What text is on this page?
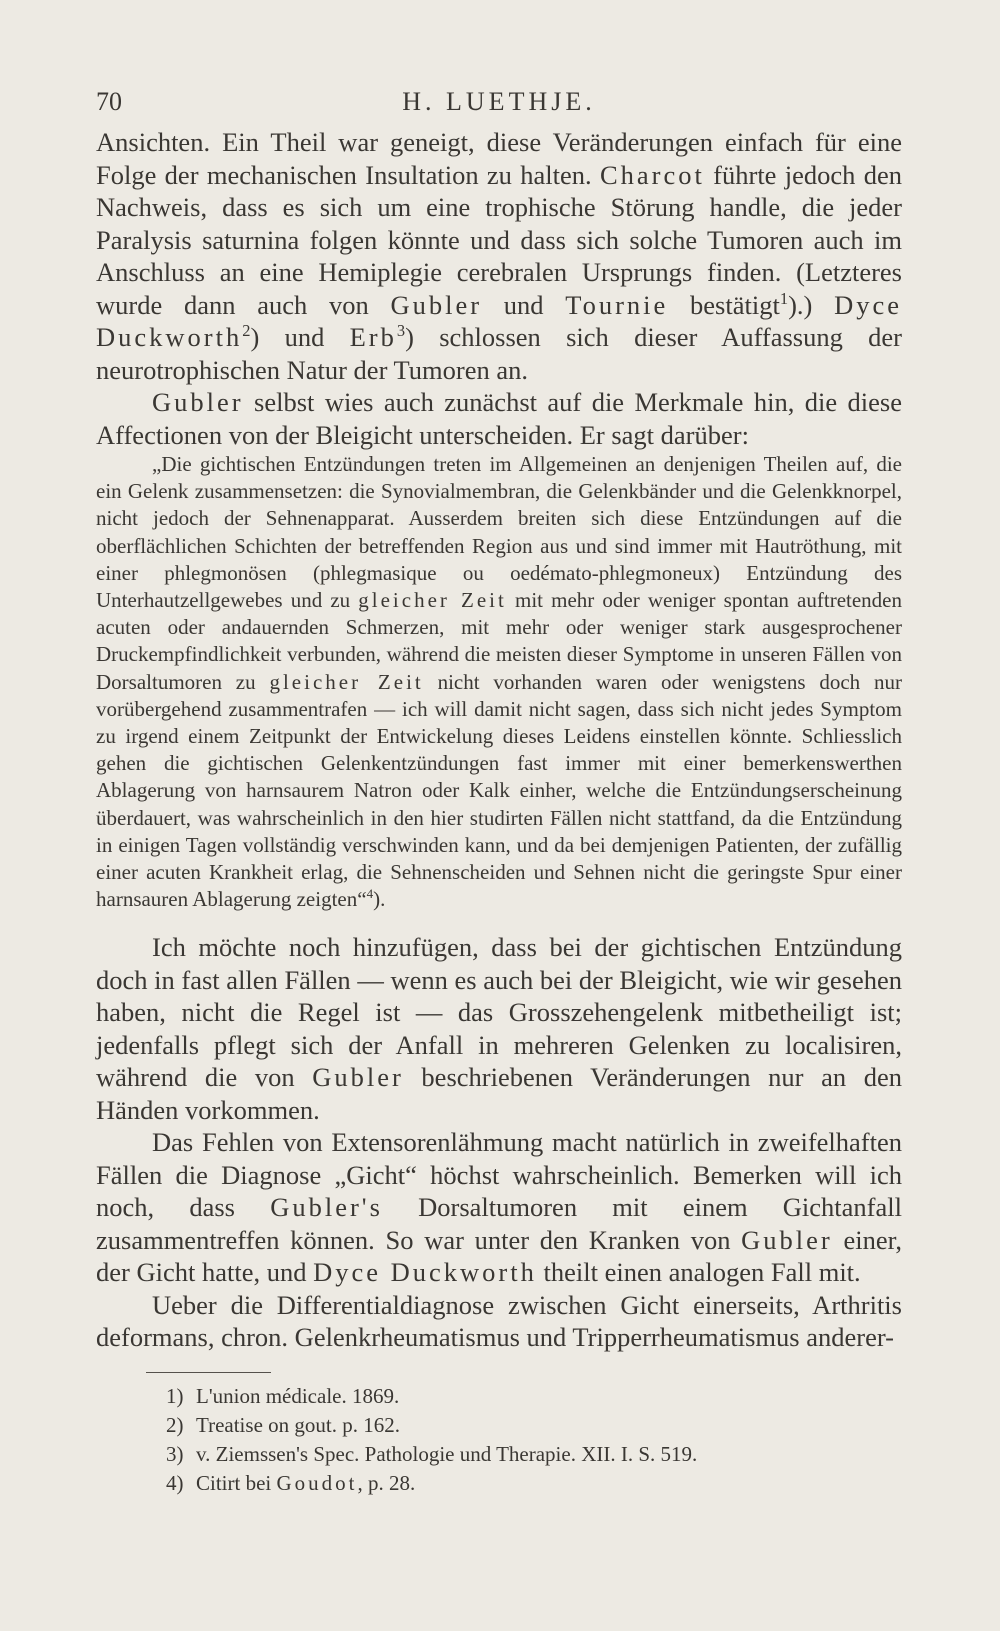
70	H. LUETHJE.

Ansichten. Ein Theil war geneigt, diese Veränderungen einfach für eine Folge der mechanischen Insultation zu halten. Charcot führte jedoch den Nachweis, dass es sich um eine trophische Störung handle, die jeder Paralysis saturnina folgen könnte und dass sich solche Tumoren auch im Anschluss an eine Hemiplegie cerebralen Ursprungs finden. (Letzteres wurde dann auch von Gubler und Tournie bestätigt$^1$).) Dyce Duckworth$^2$) und Erb$^3$) schlossen sich dieser Auffassung der neurotrophischen Natur der Tumoren an.

Gubler selbst wies auch zunächst auf die Merkmale hin, die diese Affectionen von der Bleigicht unterscheiden. Er sagt darüber:

„Die gichtischen Entzündungen treten im Allgemeinen an denjenigen Theilen auf, die ein Gelenk zusammensetzen: die Synovialmembran, die Gelenkbänder und die Gelenkknorpel, nicht jedoch der Sehnenapparat. Ausserdem breiten sich diese Entzündungen auf die oberflächlichen Schichten der betreffenden Region aus und sind immer mit Hautröthung, mit einer phlegmonösen (phlegmasique ou oedémato-phlegmoneux) Entzündung des Unterhautzellgewebes und zu gleicher Zeit mit mehr oder weniger spontan auftretenden acuten oder andauernden Schmerzen, mit mehr oder weniger stark ausgesprochener Druckempfindlichkeit verbunden, während die meisten dieser Symptome in unseren Fällen von Dorsaltumoren zu gleicher Zeit nicht vorhanden waren oder wenigstens doch nur vorübergehend zusammentrafen — ich will damit nicht sagen, dass sich nicht jedes Symptom zu irgend einem Zeitpunkt der Entwickelung dieses Leidens einstellen könnte. Schliesslich gehen die gichtischen Gelenkentzündungen fast immer mit einer bemerkenswerthen Ablagerung von harnsaurem Natron oder Kalk einher, welche die Entzündungserscheinung überdauert, was wahrscheinlich in den hier studirten Fällen nicht stattfand, da die Entzündung in einigen Tagen vollständig verschwinden kann, und da bei demjenigen Patienten, der zufällig einer acuten Krankheit erlag, die Sehnenscheiden und Sehnen nicht die geringste Spur einer harnsauren Ablagerung zeigten“$^4$).

Ich möchte noch hinzufügen, dass bei der gichtischen Entzündung doch in fast allen Fällen — wenn es auch bei der Bleigicht, wie wir gesehen haben, nicht die Regel ist — das Grosszehengelenk mitbetheiligt ist; jedenfalls pflegt sich der Anfall in mehreren Gelenken zu localisiren, während die von Gubler beschriebenen Veränderungen nur an den Händen vorkommen.

Das Fehlen von Extensorenlähmung macht natürlich in zweifelhaften Fällen die Diagnose „Gicht“ höchst wahrscheinlich. Bemerken will ich noch, dass Gubler's Dorsaltumoren mit einem Gichtanfall zusammentreffen können. So war unter den Kranken von Gubler einer, der Gicht hatte, und Dyce Duckworth theilt einen analogen Fall mit.

Ueber die Differentialdiagnose zwischen Gicht einerseits, Arthritis deformans, chron. Gelenkrheumatismus und Tripperrheumatismus anderer-

1) L'union médicale. 1869.
2) Treatise on gout. p. 162.
3) v. Ziemssen's Spec. Pathologie und Therapie. XII. I. S. 519.
4) Citirt bei Goudot, p. 28.
